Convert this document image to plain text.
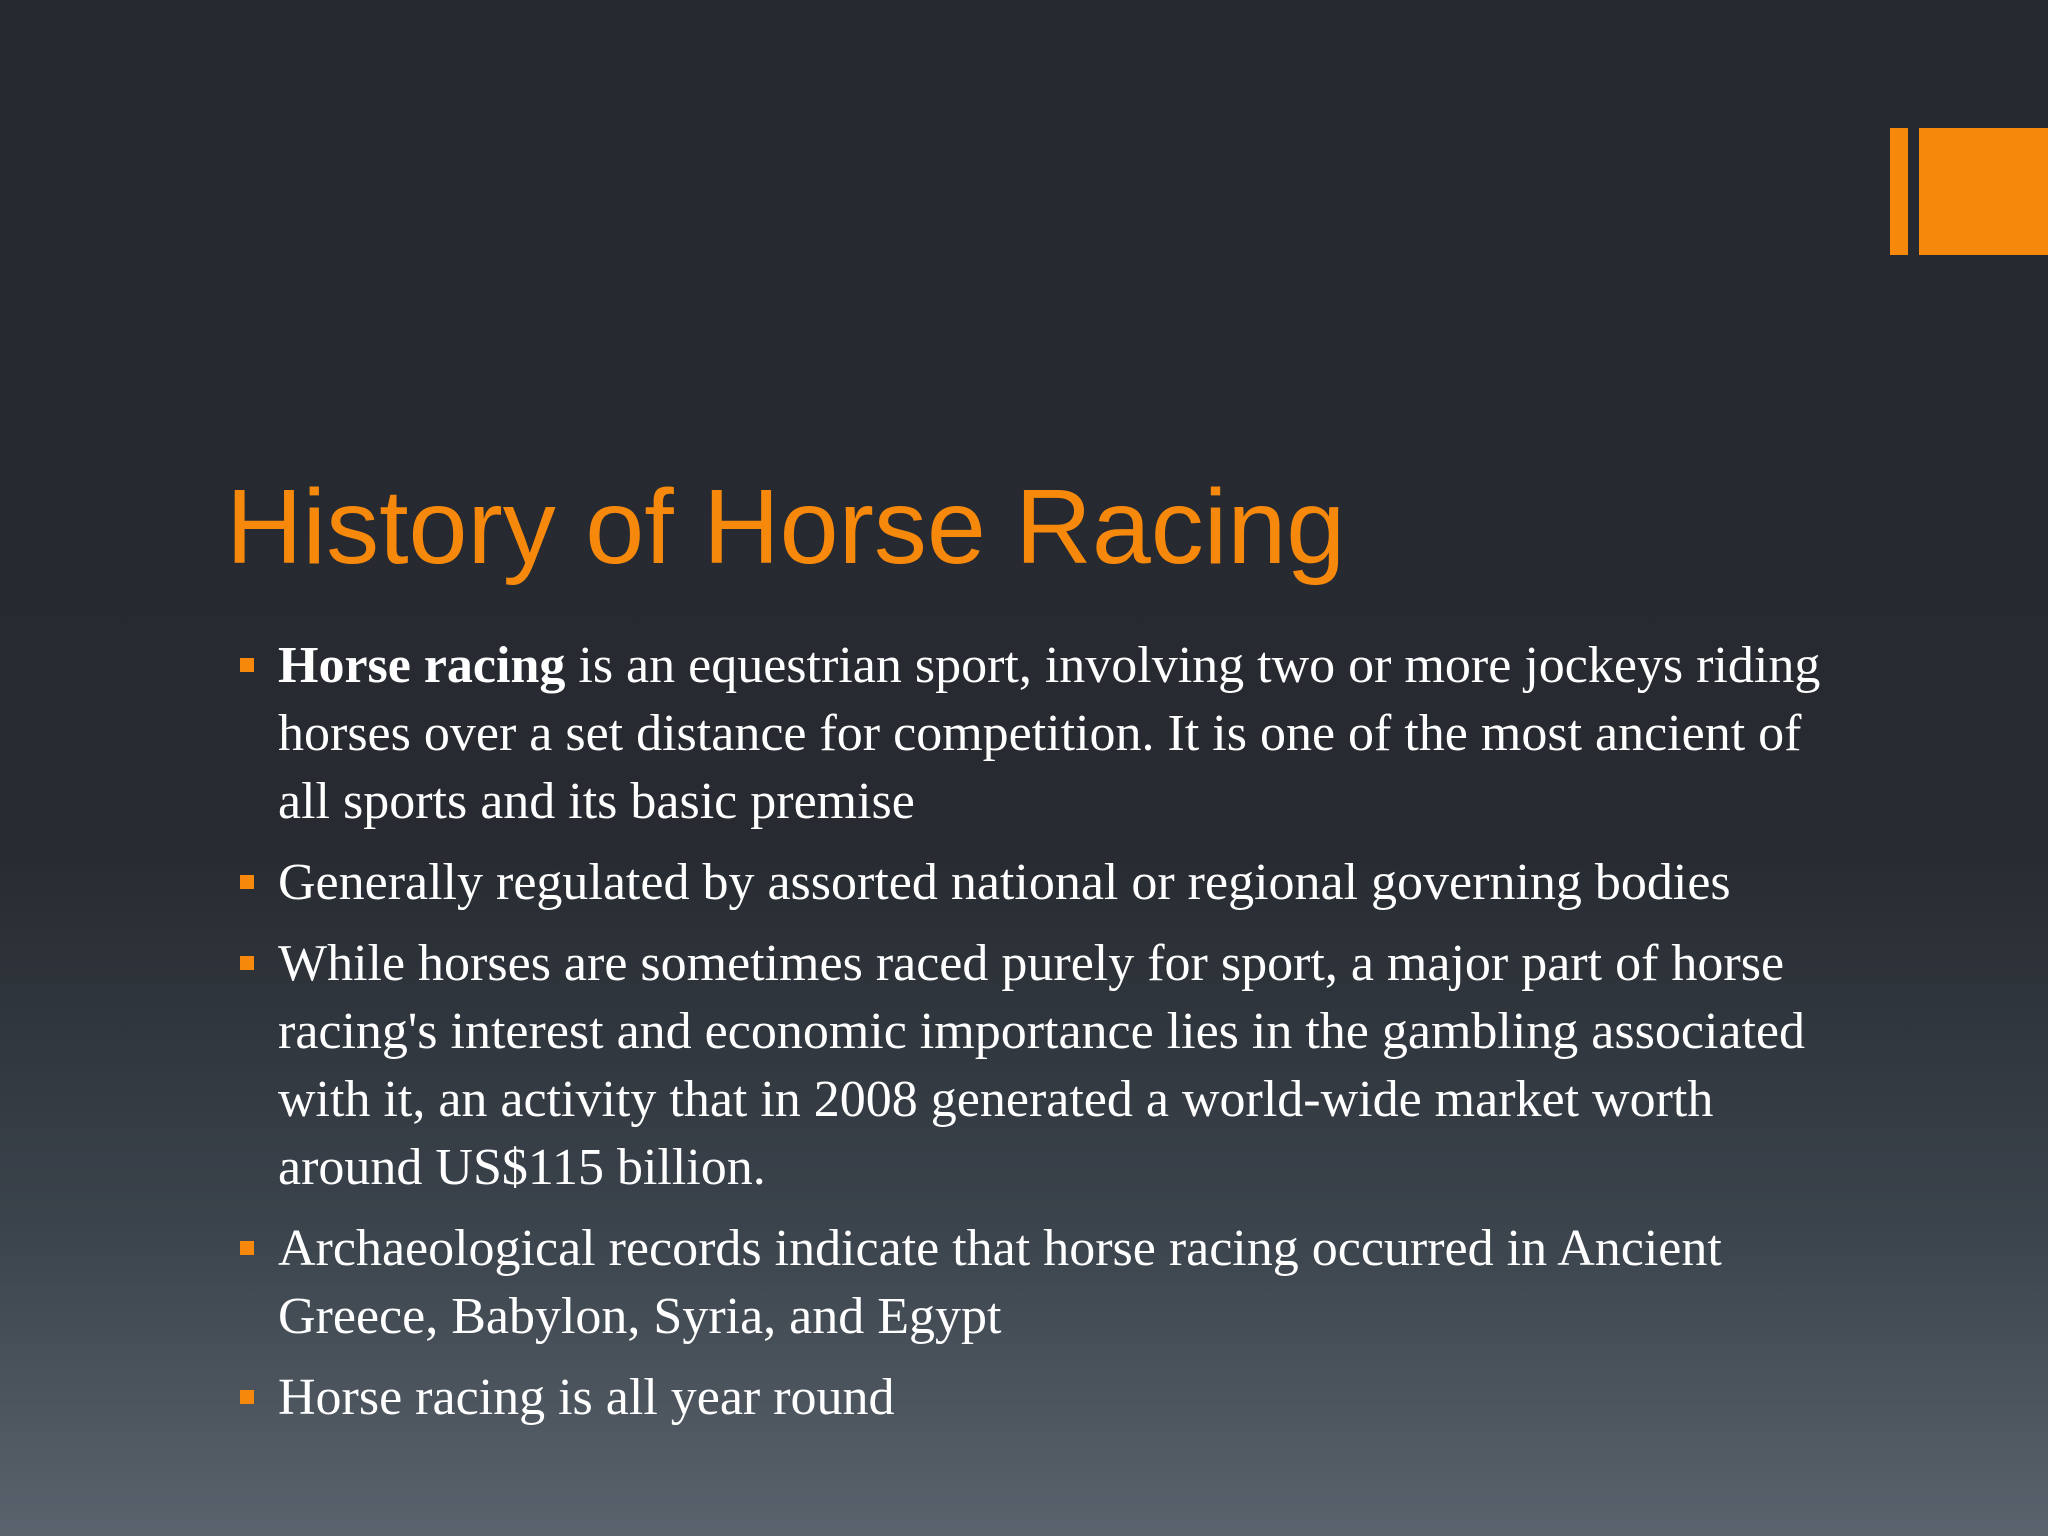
History of Horse Racing
Horse racing is an equestrian sport, involving two or more jockeys riding horses over a set distance for competition. It is one of the most ancient of all sports and its basic premise
Generally regulated by assorted national or regional governing bodies
While horses are sometimes raced purely for sport, a major part of horse racing's interest and economic importance lies in the gambling associated with it, an activity that in 2008 generated a world-wide market worth around US$115 billion.
Archaeological records indicate that horse racing occurred in Ancient Greece, Babylon, Syria, and Egypt
Horse racing is all year round
